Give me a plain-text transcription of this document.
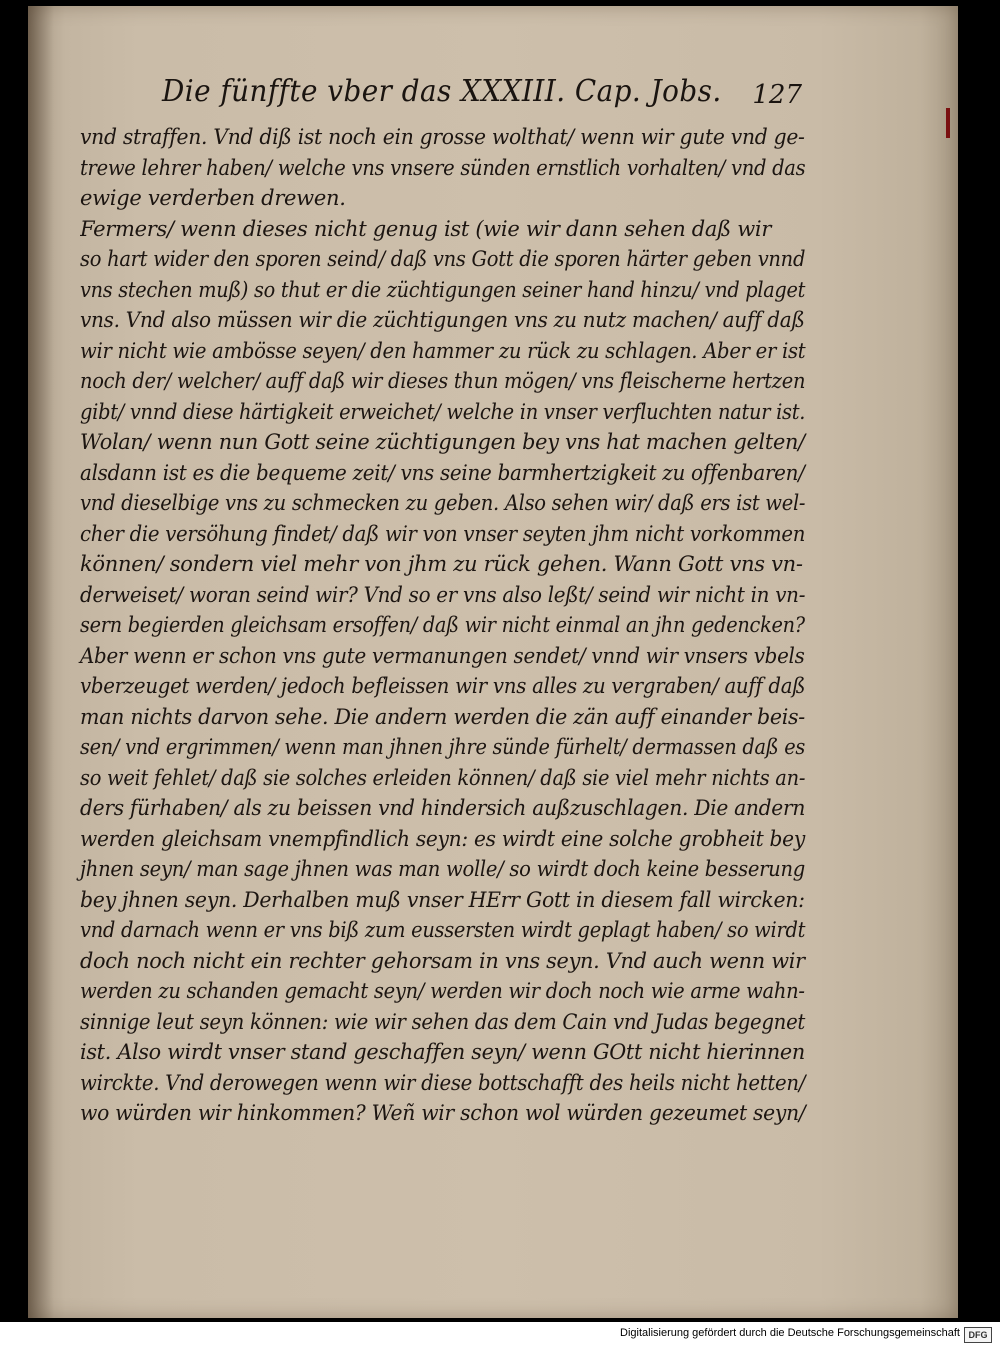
Die fünffte vber das XXXIII. Cap. Jobs. 127
vnd straffen. Vnd diß ist noch ein grosse wolthat/ wenn wir gute vnd ge-
trewe lehrer haben/ welche vns vnsere sünden ernstlich vorhalten/ vnd das
ewige verderben drewen.
Fermers/ wenn dieses nicht genug ist (wie wir dann sehen daß wir
so hart wider den sporen seind/ daß vns Gott die sporen härter geben vnnd
vns stechen muß) so thut er die züchtigungen seiner hand hinzu/ vnd plaget
vns. Vnd also müssen wir die züchtigungen vns zu nutz machen/ auff daß
wir nicht wie ambösse seyen/ den hammer zu rück zu schlagen. Aber er ist
noch der/ welcher/ auff daß wir dieses thun mögen/ vns fleischerne hertzen
gibt/ vnnd diese härtigkeit erweichet/ welche in vnser verfluchten natur ist.
Wolan/ wenn nun Gott seine züchtigungen bey vns hat machen gelten/
alsdann ist es die bequeme zeit/ vns seine barmhertzigkeit zu offenbaren/
vnd dieselbige vns zu schmecken zu geben. Also sehen wir/ daß ers ist wel-
cher die versöhung findet/ daß wir von vnser seyten jhm nicht vorkommen
können/ sondern viel mehr von jhm zu rück gehen. Wann Gott vns vn-
derweiset/ woran seind wir? Vnd so er vns also leßt/ seind wir nicht in vn-
sern begierden gleichsam ersoffen/ daß wir nicht einmal an jhn gedencken?
Aber wenn er schon vns gute vermanungen sendet/ vnnd wir vnsers vbels
vberzeuget werden/ jedoch befleissen wir vns alles zu vergraben/ auff daß
man nichts darvon sehe. Die andern werden die zän auff einander beis-
sen/ vnd ergrimmen/ wenn man jhnen jhre sünde fürhelt/ dermassen daß es
so weit fehlet/ daß sie solches erleiden können/ daß sie viel mehr nichts an-
ders fürhaben/ als zu beissen vnd hindersich außzuschlagen. Die andern
werden gleichsam vnempfindlich seyn: es wirdt eine solche grobheit bey
jhnen seyn/ man sage jhnen was man wolle/ so wirdt doch keine besserung
bey jhnen seyn. Derhalben muß vnser HErr Gott in diesem fall wircken:
vnd darnach wenn er vns biß zum eussersten wirdt geplagt haben/ so wirdt
doch noch nicht ein rechter gehorsam in vns seyn. Vnd auch wenn wir
werden zu schanden gemacht seyn/ werden wir doch noch wie arme wahn-
sinnige leut seyn können: wie wir sehen das dem Cain vnd Judas begegnet
ist. Also wirdt vnser stand geschaffen seyn/ wenn GOtt nicht hierinnen
wirckte. Vnd derowegen wenn wir diese bottschafft des heils nicht hetten/
wo würden wir hinkommen? Weñ wir schon wol würden gezeumet seyn/
Digitalisierung gefördert durch die Deutsche Forschungsgemeinschaft DFG
